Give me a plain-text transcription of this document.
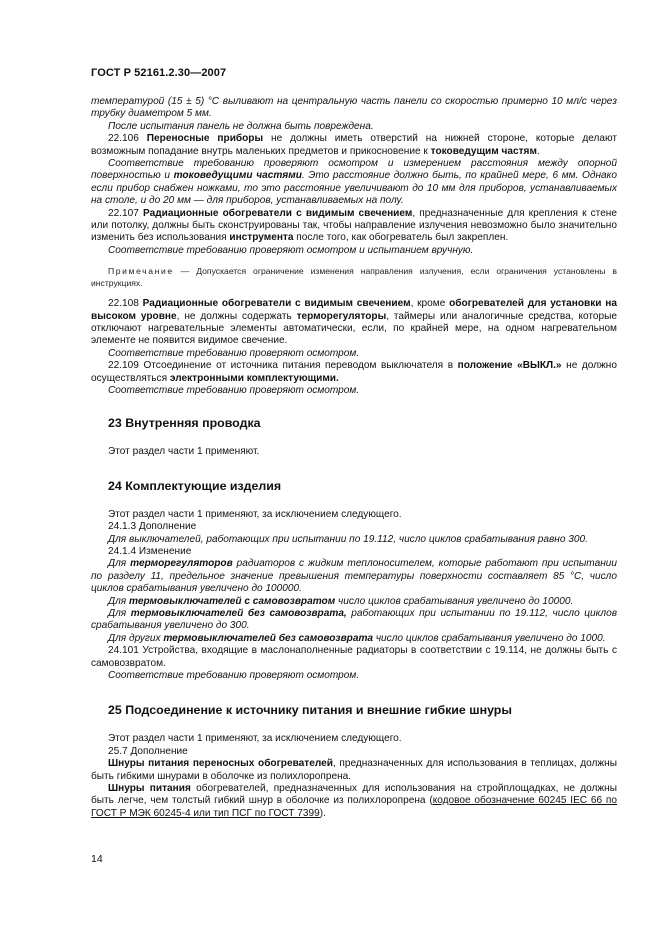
ГОСТ Р 52161.2.30—2007

температурой (15 ± 5) °С выливают на центральную часть панели со скоростью примерно 10 мл/с через трубку диаметром 5 мм.

После испытания панель не должна быть повреждена.

22.106 Переносные приборы не должны иметь отверстий на нижней стороне, которые делают возможным попадание внутрь маленьких предметов и прикосновение к токоведущим частям.

Соответствие требованию проверяют осмотром и измерением расстояния между опорной поверхностью и токоведущими частями. Это расстояние должно быть, по крайней мере, 6 мм. Однако если прибор снабжен ножками, то это расстояние увеличивают до 10 мм для приборов, устанавливаемых на столе, и до 20 мм — для приборов, устанавливаемых на полу.

22.107 Радиационные обогреватели с видимым свечением, предназначенные для крепления к стене или потолку, должны быть сконструированы так, чтобы направление излучения невозможно было значительно изменить без использования инструмента после того, как обогреватель был закреплен.

Соответствие требованию проверяют осмотром и испытанием вручную.

Примечание — Допускается ограничение изменения направления излучения, если ограничения установлены в инструкциях.

22.108 Радиационные обогреватели с видимым свечением, кроме обогревателей для установки на высоком уровне, не должны содержать терморегуляторы, таймеры или аналогичные средства, которые отключают нагревательные элементы автоматически, если, по крайней мере, на одном нагревательном элементе не появится видимое свечение.

Соответствие требованию проверяют осмотром.

22.109 Отсоединение от источника питания переводом выключателя в положение «ВЫКЛ.» не должно осуществляться электронными комплектующими.

Соответствие требованию проверяют осмотром.

23 Внутренняя проводка

Этот раздел части 1 применяют.

24 Комплектующие изделия

Этот раздел части 1 применяют, за исключением следующего.

24.1.3 Дополнение

Для выключателей, работающих при испытании по 19.112, число циклов срабатывания равно 300.

24.1.4 Изменение

Для терморегуляторов радиаторов с жидким теплоносителем, которые работают при испытании по разделу 11, предельное значение превышения температуры поверхности составляет 85 °С, число циклов срабатывания увеличено до 100000.

Для термовыключателей с самовозвратом число циклов срабатывания увеличено до 10000.

Для термовыключателей без самовозврата, работающих при испытании по 19.112, число циклов срабатывания увеличено до 300.

Для других термовыключателей без самовозврата число циклов срабатывания увеличено до 1000.

24.101 Устройства, входящие в маслонаполненные радиаторы в соответствии с 19.114, не должны быть с самовозвратом.

Соответствие требованию проверяют осмотром.

25 Подсоединение к источнику питания и внешние гибкие шнуры

Этот раздел части 1 применяют, за исключением следующего.

25.7 Дополнение

Шнуры питания переносных обогревателей, предназначенных для использования в теплицах, должны быть гибкими шнурами в оболочке из полихлоропрена.

Шнуры питания обогревателей, предназначенных для использования на стройплощадках, не должны быть легче, чем толстый гибкий шнур в оболочке из полихлоропрена (кодовое обозначение 60245 IEC 66 по ГОСТ Р МЭК 60245-4 или тип ПСГ по ГОСТ 7399).

14
